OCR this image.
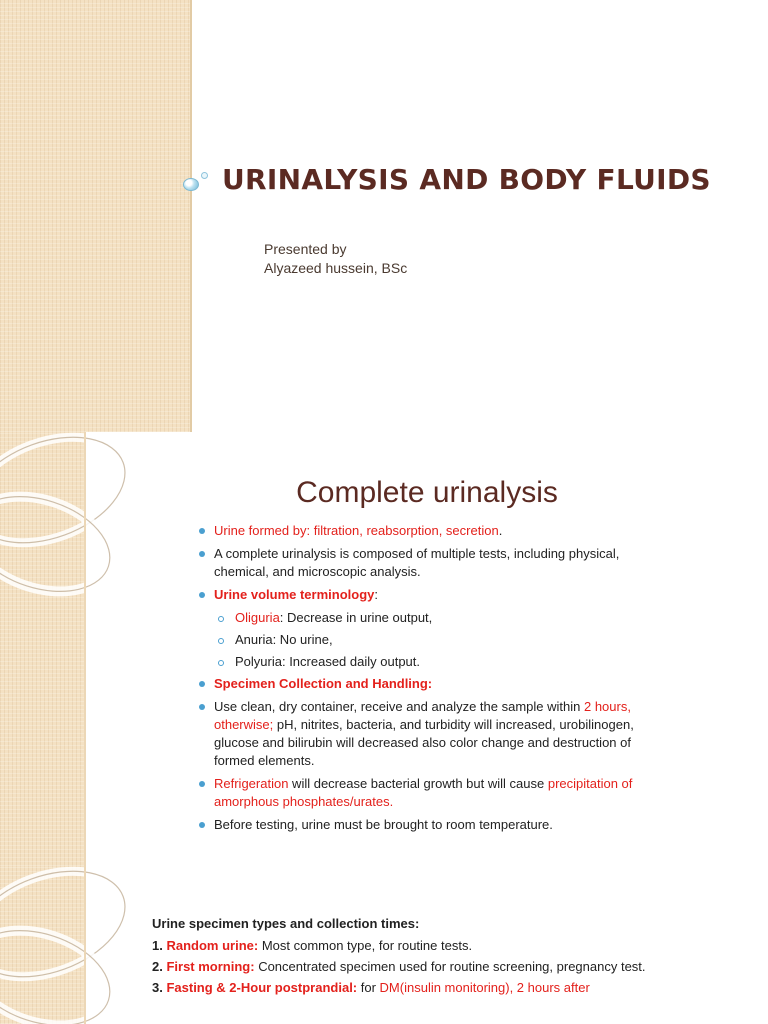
URINALYSIS AND BODY FLUIDS
Presented by
Alyazeed hussein, BSc
Complete urinalysis
Urine formed by: filtration, reabsorption, secretion.
A complete urinalysis is composed of multiple tests, including physical, chemical, and microscopic analysis.
Urine volume terminology:
Oliguria: Decrease in urine output,
Anuria: No urine,
Polyuria: Increased daily output.
Specimen Collection and Handling:
Use clean, dry container, receive and analyze the sample within 2 hours, otherwise; pH, nitrites, bacteria, and turbidity will increased, urobilinogen, glucose and bilirubin will decreased also color change and destruction of formed elements.
Refrigeration will decrease bacterial growth but will cause precipitation of amorphous phosphates/urates.
Before testing, urine must be brought to room temperature.
Urine specimen types and collection times:
1. Random urine: Most common type, for routine tests.
2. First morning: Concentrated specimen used for routine screening, pregnancy test.
3. Fasting & 2-Hour postprandial: for DM(insulin monitoring), 2 hours after
